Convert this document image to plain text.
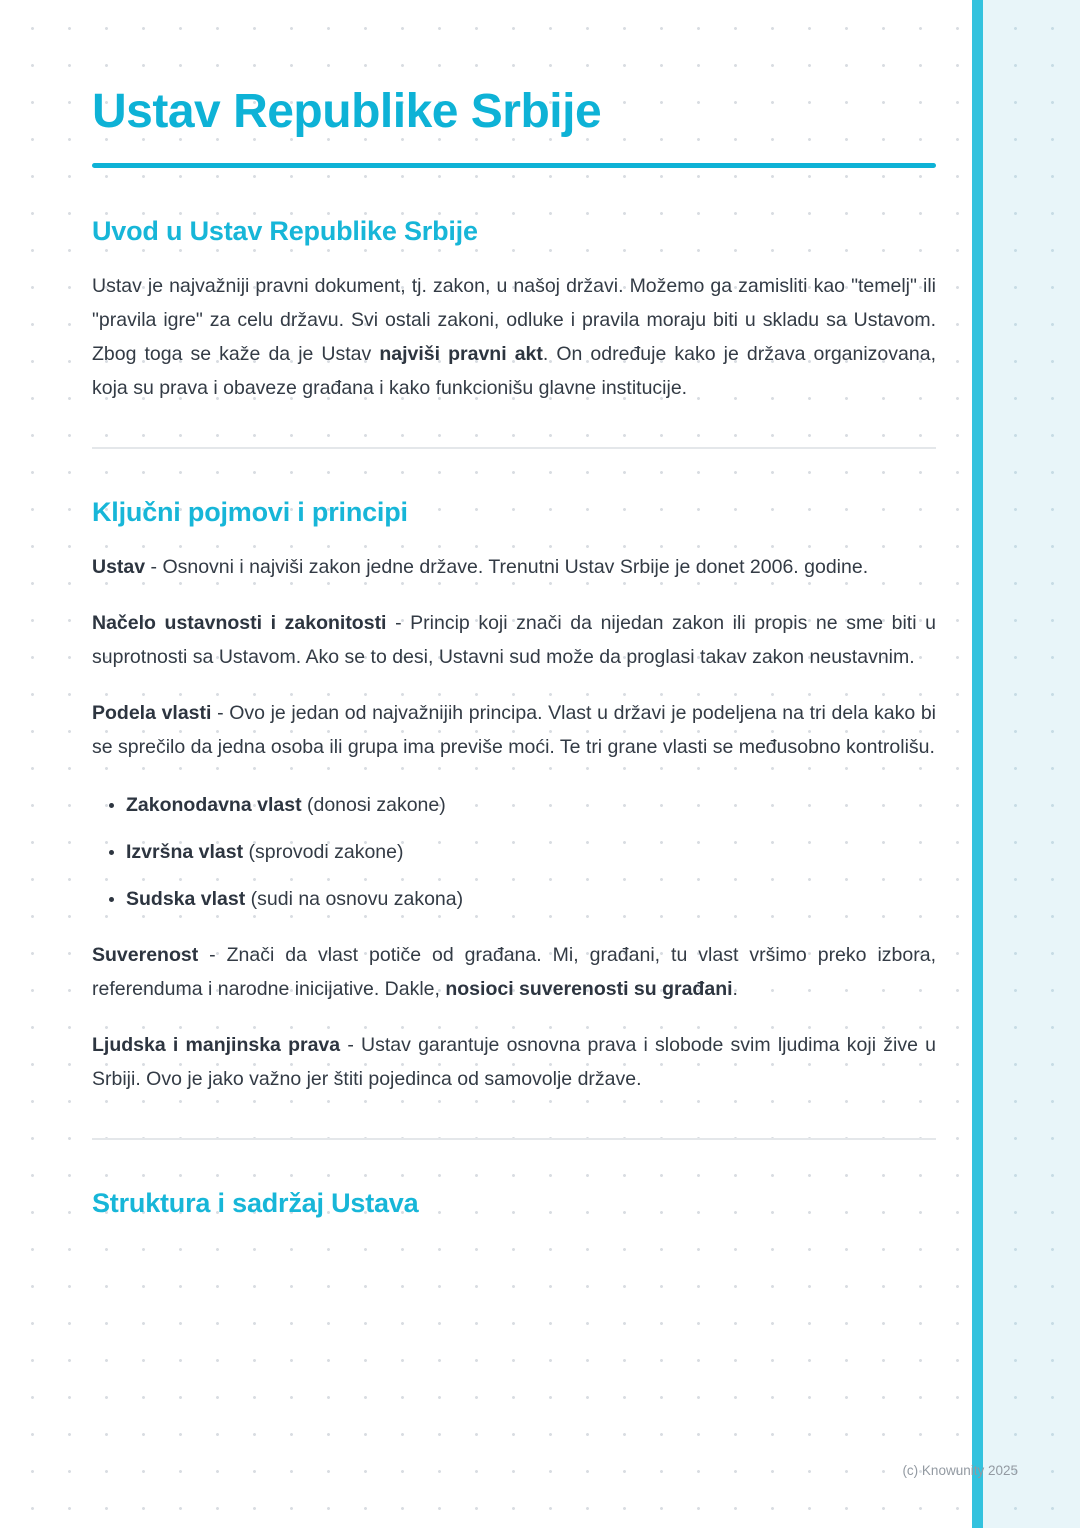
Ustav Republike Srbije
Uvod u Ustav Republike Srbije

Ustav je najvažniji pravni dokument, tj. zakon, u našoj državi. Možemo ga zamisliti kao "temelj" ili "pravila igre" za celu državu. Svi ostali zakoni, odluke i pravila moraju biti u skladu sa Ustavom. Zbog toga se kaže da je Ustav najviši pravni akt. On određuje kako je država organizovana, koja su prava i obaveze građana i kako funkcionišu glavne institucije.

Ključni pojmovi i principi

Ustav - Osnovni i najviši zakon jedne države. Trenutni Ustav Srbije je donet 2006. godine.

Načelo ustavnosti i zakonitosti - Princip koji znači da nijedan zakon ili propis ne sme biti u suprotnosti sa Ustavom. Ako se to desi, Ustavni sud može da proglasi takav zakon neustavnim.

Podela vlasti - Ovo je jedan od najvažnijih principa. Vlast u državi je podeljena na tri dela kako bi se sprečilo da jedna osoba ili grupa ima previše moći. Te tri grane vlasti se međusobno kontrolišu.

• Zakonodavna vlast (donosi zakone)
• Izvršna vlast (sprovodi zakone)
• Sudska vlast (sudi na osnovu zakona)

Suverenost - Znači da vlast potiče od građana. Mi, građani, tu vlast vršimo preko izbora, referenduma i narodne inicijative. Dakle, nosioci suverenosti su građani.

Ljudska i manjinska prava - Ustav garantuje osnovna prava i slobode svim ljudima koji žive u Srbiji. Ovo je jako važno jer štiti pojedinca od samovolje države.

Struktura i sadržaj Ustava
(c) Knowunity 2025
